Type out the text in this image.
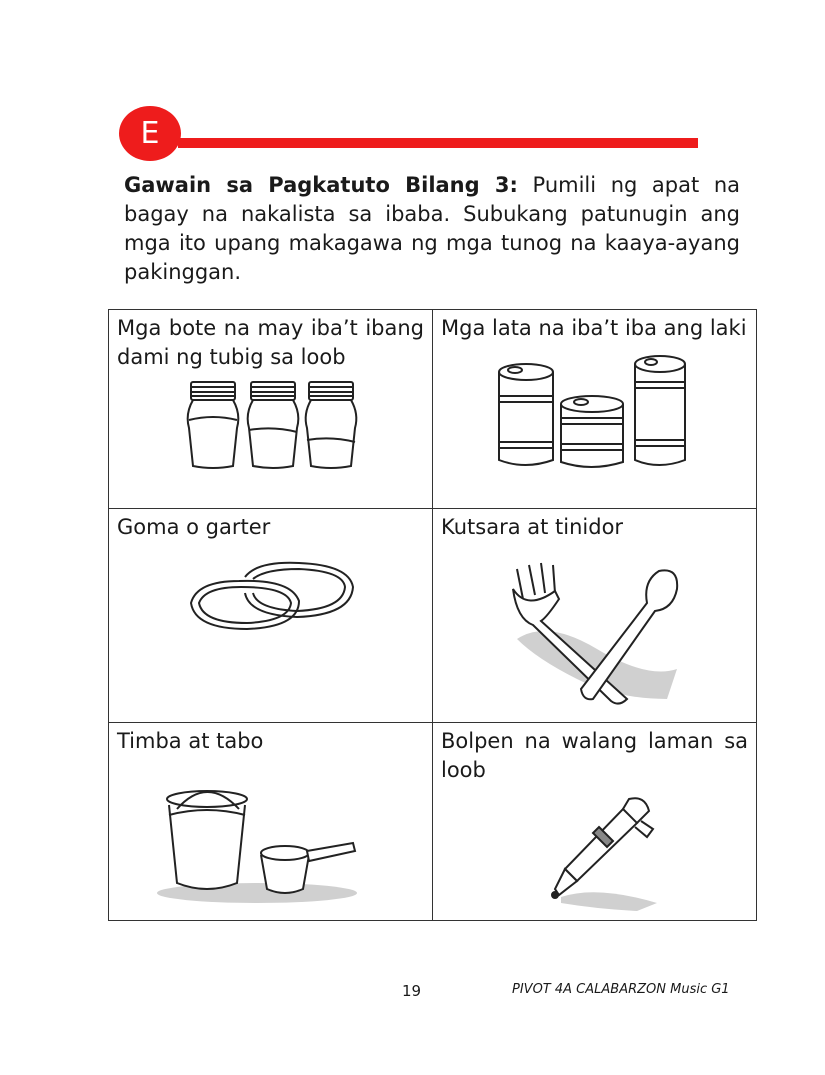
E
Gawain sa Pagkatuto Bilang 3: Pumili ng apat na bagay na nakalista sa ibaba. Subukang patunugin ang mga ito upang makagawa ng mga tunog na kaaya-ayang pakinggan.
Mga bote na may iba’t ibang dami ng tubig sa loob	Mga lata na iba’t iba ang laki

Goma o garter	Kutsara at tinidor

Timba at tabo	Bolpen na walang laman sa loob
19	PIVOT 4A CALABARZON Music G1
